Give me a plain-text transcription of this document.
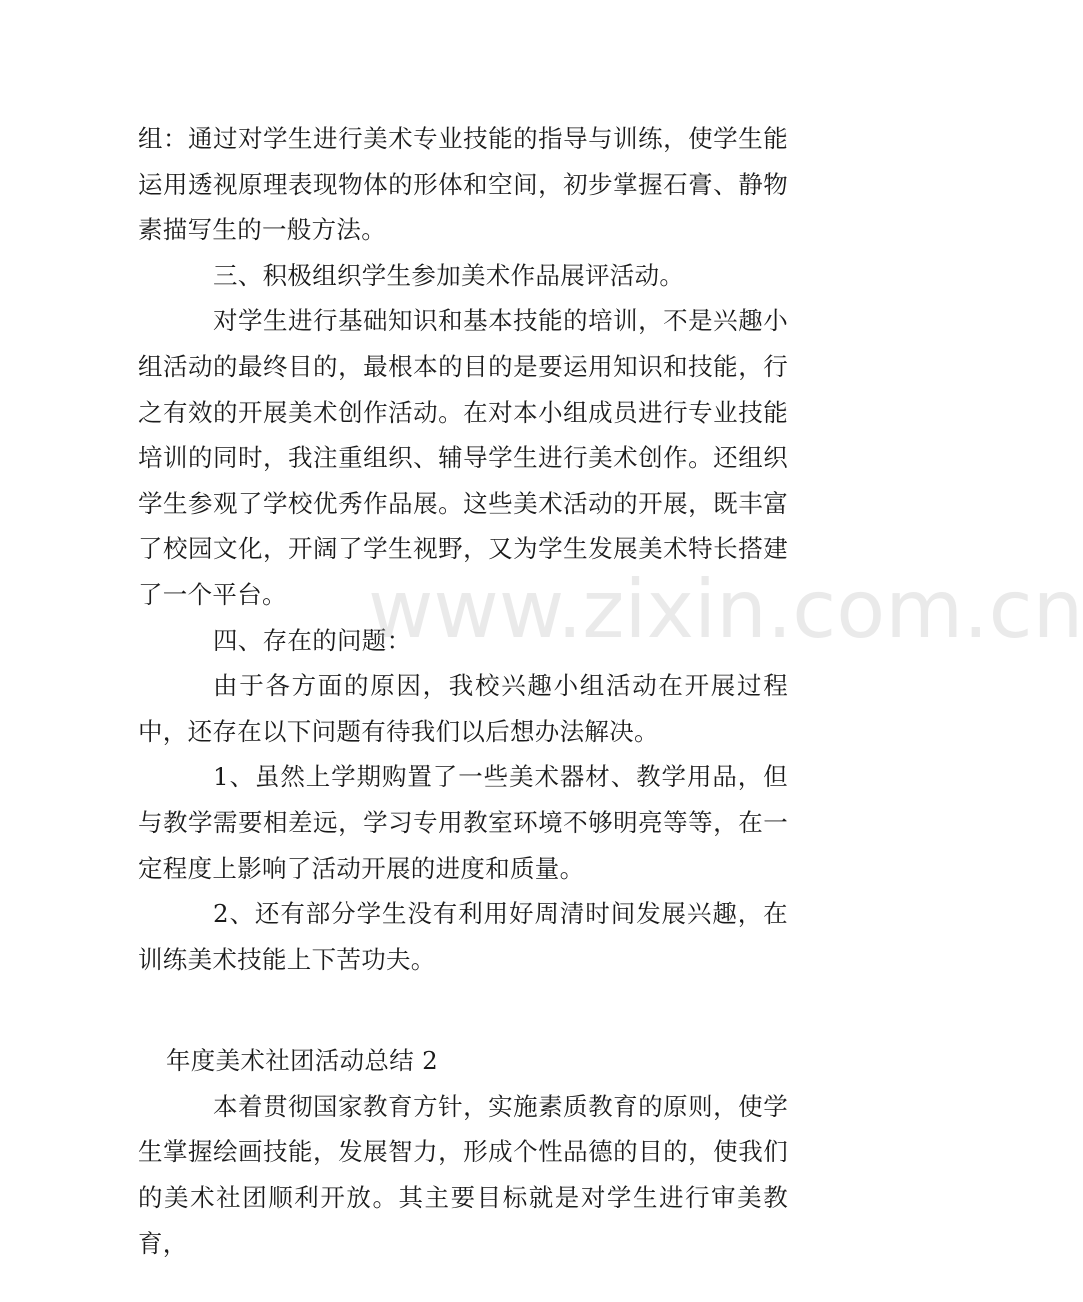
组：通过对学生进行美术专业技能的指导与训练，使学生能运用透视原理表现物体的形体和空间，初步掌握石膏、静物素描写生的一般方法。

三、积极组织学生参加美术作品展评活动。

对学生进行基础知识和基本技能的培训，不是兴趣小组活动的最终目的，最根本的目的是要运用知识和技能，行之有效的开展美术创作活动。在对本小组成员进行专业技能培训的同时，我注重组织、辅导学生进行美术创作。还组织学生参观了学校优秀作品展。这些美术活动的开展，既丰富了校园文化，开阔了学生视野，又为学生发展美术特长搭建了一个平台。

四、存在的问题：

由于各方面的原因，我校兴趣小组活动在开展过程中，还存在以下问题有待我们以后想办法解决。

1、虽然上学期购置了一些美术器材、教学用品，但与教学需要相差远，学习专用教室环境不够明亮等等，在一定程度上影响了活动开展的进度和质量。

2、还有部分学生没有利用好周清时间发展兴趣，在训练美术技能上下苦功夫。

年度美术社团活动总结 2

本着贯彻国家教育方针，实施素质教育的原则，使学生掌握绘画技能，发展智力，形成个性品德的目的，使我们的美术社团顺利开放。其主要目标就是对学生进行审美教育，

www.zixin.com.cn
